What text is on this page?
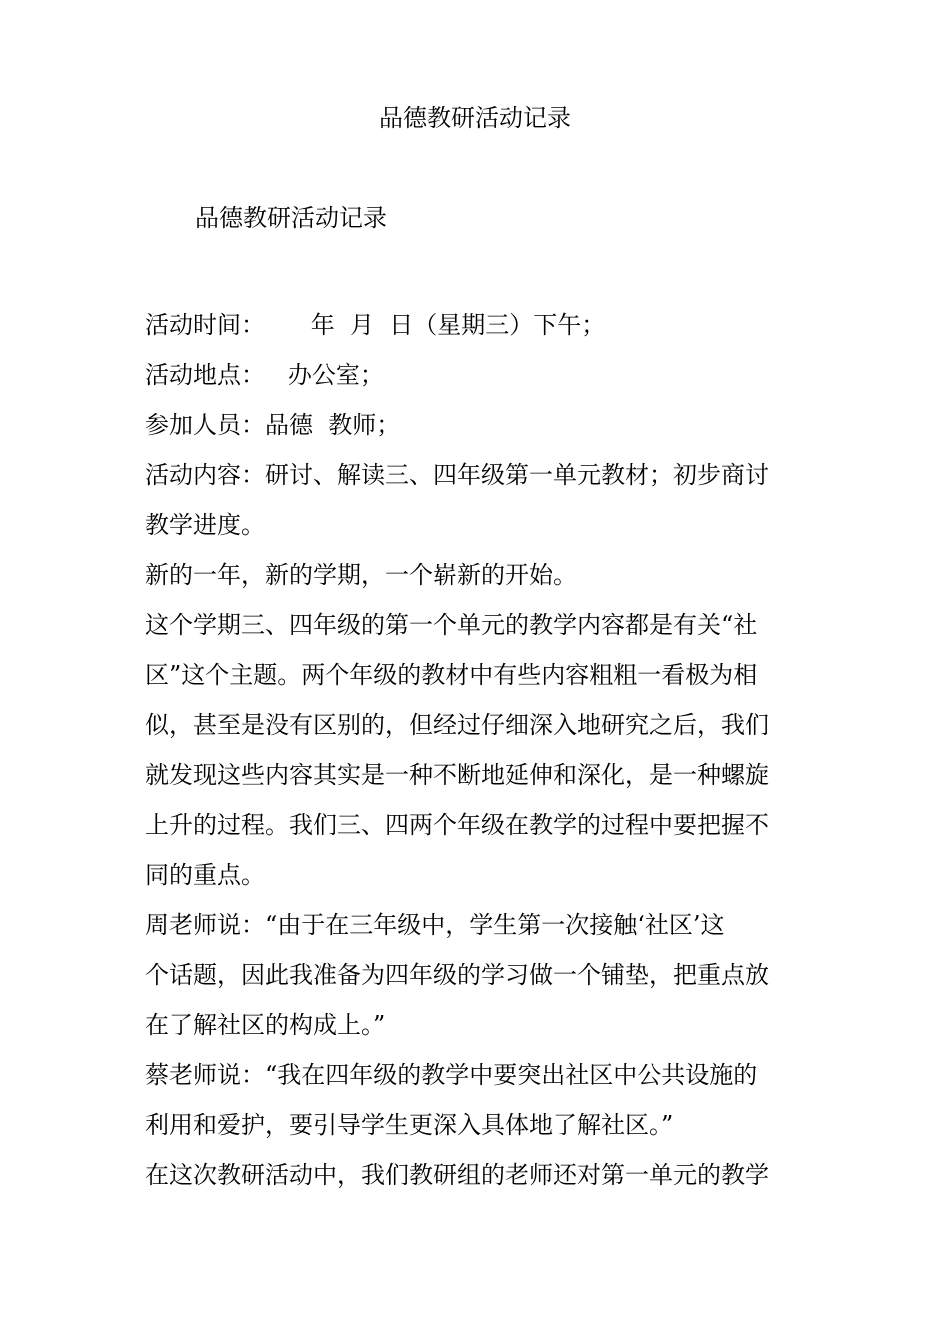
品德教研活动记录
品德教研活动记录

活动时间：      年  月  日（星期三）下午；

活动地点：   办公室；

参加人员：品德  教师；

活动内容：研讨、解读三、四年级第一单元教材；初步商讨

教学进度。

新的一年，新的学期，一个崭新的开始。

这个学期三、四年级的第一个单元的教学内容都是有关“社

区”这个主题。两个年级的教材中有些内容粗粗一看极为相

似，甚至是没有区别的，但经过仔细深入地研究之后，我们

就发现这些内容其实是一种不断地延伸和深化，是一种螺旋

上升的过程。我们三、四两个年级在教学的过程中要把握不

同的重点。

周老师说：“由于在三年级中，学生第一次接触‘社区’这

个话题，因此我准备为四年级的学习做一个铺垫，把重点放

在了解社区的构成上。”

蔡老师说：“我在四年级的教学中要突出社区中公共设施的

利用和爱护，要引导学生更深入具体地了解社区。”

在这次教研活动中，我们教研组的老师还对第一单元的教学
